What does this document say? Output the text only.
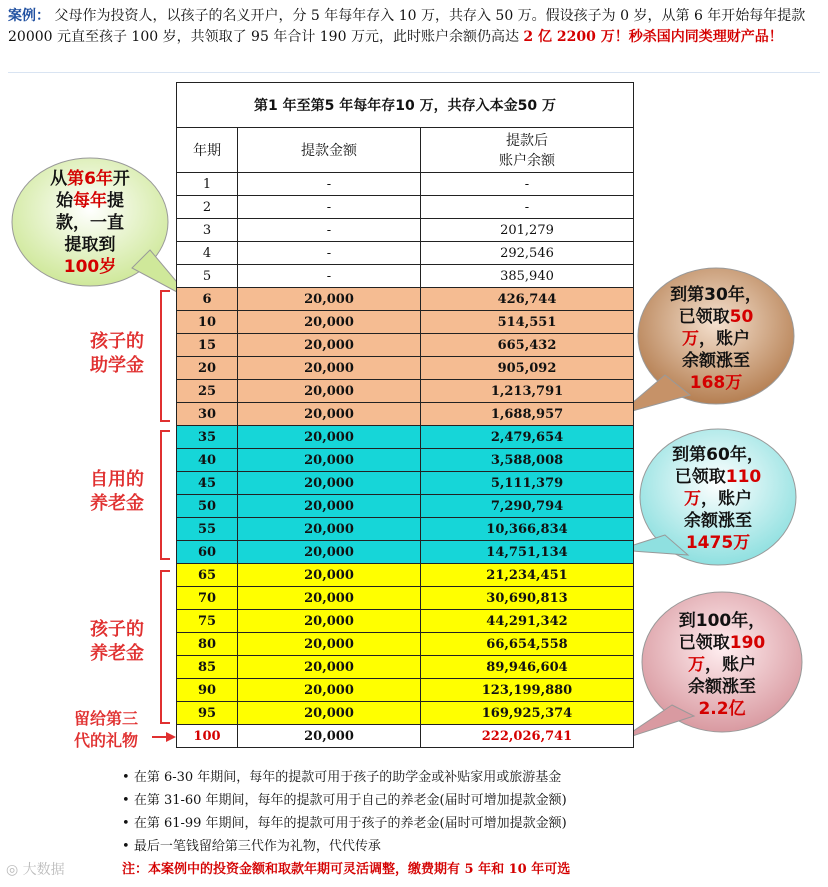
案例： 父母作为投资人，以孩子的名义开户，分 5 年每年存入 10 万，共存入 50 万。假设孩子为 0 岁，从第 6 年开始每年提款 20000 元直至孩子 100 岁，共领取了 95 年合计 190 万元，此时账户余额仍高达 2 亿 2200 万！秒杀国内同类理财产品！
从第6年开
始每年提
款，一直
提取到
100岁
到第30年，
已领取50
万，账户
余额涨至
168万
到第60年，
已领取110
万，账户
余额涨至
1475万
到100年，
已领取190
万，账户
余额涨至
2.2亿
孩子的
助学金
自用的
养老金
孩子的
养老金
留给第三
代的礼物
第1 年至第5 年每年存10 万，共存入本金50 万		
年期	提款金额	提款后
账户余额

1	-	-
2	-	-
3	-	201,279
4	-	292,546
5	-	385,940
6	20,000	426,744
10	20,000	514,551
15	20,000	665,432
20	20,000	905,092
25	20,000	1,213,791
30	20,000	1,688,957
35	20,000	2,479,654
40	20,000	3,588,008
45	20,000	5,111,379
50	20,000	7,290,794
55	20,000	10,366,834
60	20,000	14,751,134
65	20,000	21,234,451
70	20,000	30,690,813
75	20,000	44,291,342
80	20,000	66,654,558
85	20,000	89,946,604
90	20,000	123,199,880
95	20,000	169,925,374
100	20,000	222,026,741
• 在第 6-30 年期间，每年的提款可用于孩子的助学金或补贴家用或旅游基金
• 在第 31-60 年期间，每年的提款可用于自己的养老金(届时可增加提款金额)
• 在第 61-99 年期间，每年的提款可用于孩子的养老金(届时可增加提款金额)
• 最后一笔钱留给第三代作为礼物，代代传承
注：本案例中的投资金额和取款年期可灵活调整，缴费期有 5 年和 10 年可选
◎ 大数据
